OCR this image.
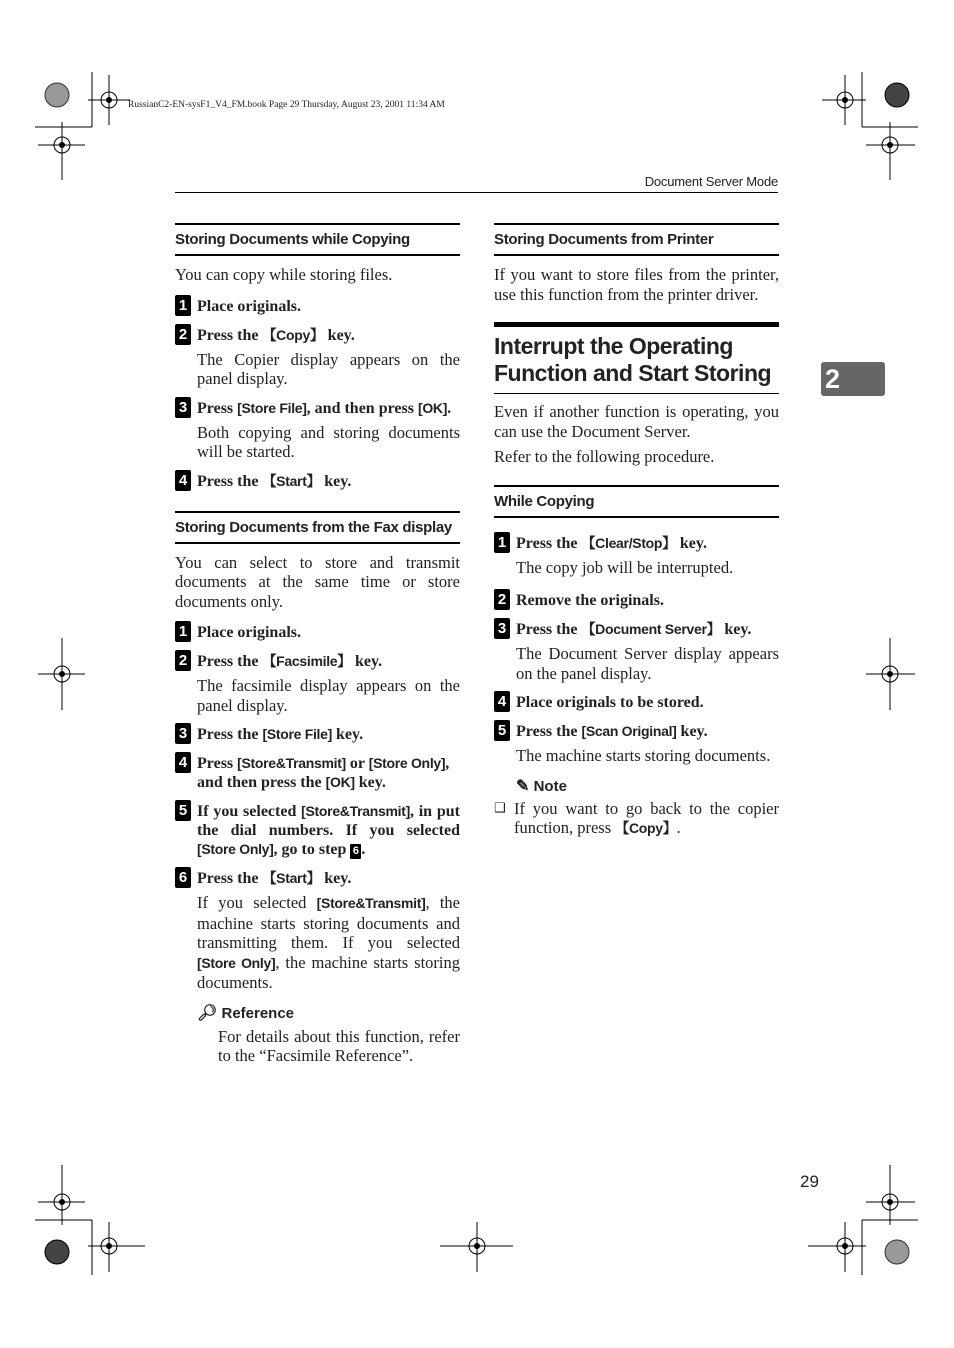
RussianC2-EN-sysF1_V4_FM.book Page 29 Thursday, August 23, 2001 11:34 AM
Document Server Mode
2
Storing Documents while Copying

You can copy while storing files.

1 Place originals.
2 Press the 【Copy】 key.

The Copier display appears on the panel display.

3 Press [Store File], and then press [OK].

Both copying and storing documents will be started.

4 Press the 【Start】 key.
Storing Documents from the Fax display

You can select to store and transmit documents at the same time or store documents only.

1 Place originals.
2 Press the 【Facsimile】 key.

The facsimile display appears on the panel display.

3 Press the [Store File] key.
4 Press [Store&Transmit] or [Store Only], and then press the [OK] key.
5 If you selected [Store&Transmit], in put the dial numbers. If you selected [Store Only], go to step 6 .
6 Press the 【Start】 key.

If you selected [Store&Transmit], the machine starts storing documents and transmitting them. If you selected [Store Only], the machine starts storing documents.

🔎︎ Reference

For details about this function, refer to the “Facsimile Reference”.

Storing Documents from Printer

If you want to store files from the printer, use this function from the printer driver.

Interrupt the Operating Function and Start Storing

Even if another function is operating, you can use the Document Server.

Refer to the following procedure.

While Copying
1 Press the 【Clear/Stop】 key.

The copy job will be interrupted.

2 Remove the originals.
3 Press the 【Document Server】 key.

The Document Server display appears on the panel display.

4 Place originals to be stored.
5 Press the [Scan Original] key.

The machine starts storing documents.

✎ Note
❑ If you want to go back to the copier function, press 【Copy】.

29
